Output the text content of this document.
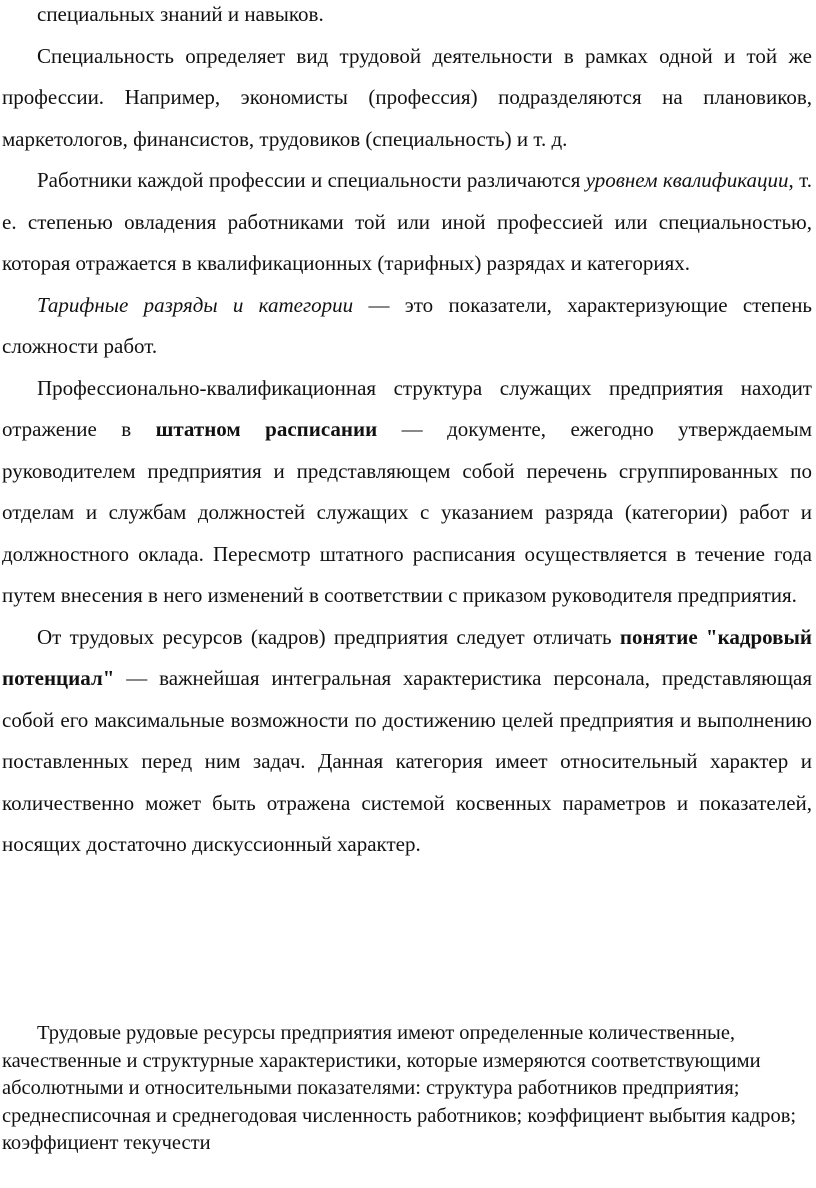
специальных знаний и навыков.

Специальность определяет вид трудовой деятельности в рамках одной и той же профессии. Например, экономисты (профессия) подразделяются на плановиков, маркетологов, финансистов, трудовиков (специальность) и т. д.

Работники каждой профессии и специальности различаются уровнем квалификации, т. е. степенью овладения работниками той или иной профессией или специальностью, которая отражается в квалификационных (тарифных) разрядах и категориях.

Тарифные разряды и категории — это показатели, характеризующие степень сложности работ.

Профессионально-квалификационная структура служащих предприятия находит отражение в штатном расписании — документе, ежегодно утверждаемым руководителем предприятия и представляющем собой перечень сгруппированных по отделам и службам должностей служащих с указанием разряда (категории) работ и должностного оклада. Пересмотр штатного расписания осуществляется в течение года путем внесения в него изменений в соответствии с приказом руководителя предприятия.

От трудовых ресурсов (кадров) предприятия следует отличать понятие "кадровый потенциал" — важнейшая интегральная характеристика персонала, представляющая собой его максимальные возможности по достижению целей предприятия и выполнению поставленных перед ним задач. Данная категория имеет относительный характер и количественно может быть отражена системой косвенных параметров и показателей, носящих достаточно дискуссионный характер.

Трудовые рудовые ресурсы предприятия имеют определенные количественные, качественные и структурные характеристики, которые измеряются соответствующими абсолютными и относительными показателями: структура работников предприятия; среднесписочная и среднегодовая численность работников; коэффициент выбытия кадров; коэффициент текучести
